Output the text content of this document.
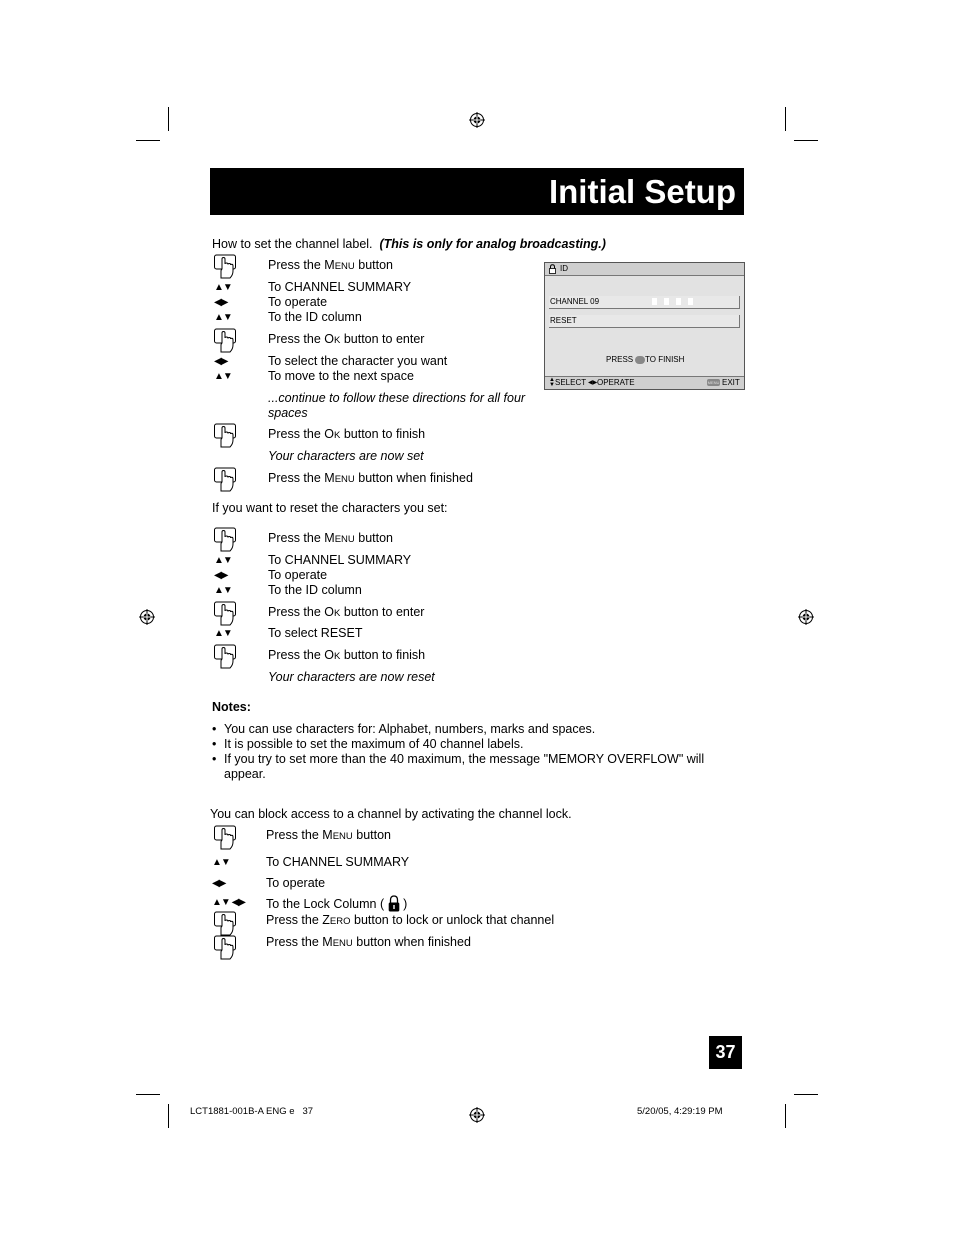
Initial Setup
How to set the channel label. (This is only for analog broadcasting.)
Press the MENU button
▲▼	To CHANNEL SUMMARY
◀▶	To operate
▲▼	To the ID column
Press the OK button to enter
◀▶	To select the character you want
▲▼	To move to the next space
...continue to follow these directions for all four
spaces
Press the OK button to finish
Your characters are now set
Press the MENU button when finished
ID
CHANNEL 09
RESET
PRESS OK TO FINISH
▲
▼ SELECT ◀▶ OPERATE	MENU EXIT
If you want to reset the characters you set:
Press the MENU button
▲▼	To CHANNEL SUMMARY
◀▶	To operate
▲▼	To the ID column
Press the OK button to enter
▲▼	To select RESET
Press the OK button to finish
Your characters are now reset
Notes:
• You can use characters for: Alphabet, numbers, marks and spaces.
• It is possible to set the maximum of 40 channel labels.
• If you try to set more than the 40 maximum, the message "MEMORY OVERFLOW" will
appear.
You can block access to a channel by activating the channel lock.
Press the MENU button
▲▼	To CHANNEL SUMMARY
◀▶	To operate
▲▼ ◀▶ To the Lock Column (  )
Press the ZERO button to lock or unlock that channel
Press the MENU button when finished
37
LCT1881-001B-A ENG e   37	5/20/05, 4:29:19 PM
